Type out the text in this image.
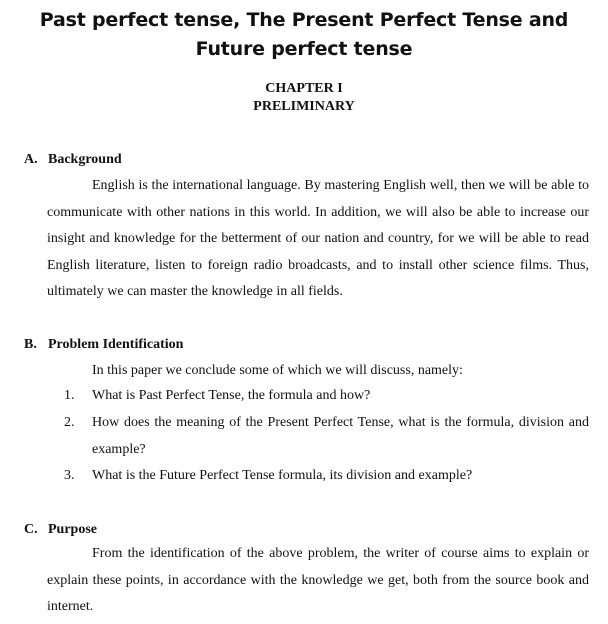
Past perfect tense, The Present Perfect Tense and Future perfect tense
CHAPTER I
PRELIMINARY
A. Background

English is the international language. By mastering English well, then we will be able to communicate with other nations in this world. In addition, we will also be able to increase our insight and knowledge for the betterment of our nation and country, for we will be able to read English literature, listen to foreign radio broadcasts, and to install other science films. Thus, ultimately we can master the knowledge in all fields.

B. Problem Identification

In this paper we conclude some of which we will discuss, namely:

1.	What is Past Perfect Tense, the formula and how?
2.	How does the meaning of the Present Perfect Tense, what is the formula, division and example?
3.	What is the Future Perfect Tense formula, its division and example?
C. Purpose

From the identification of the above problem, the writer of course aims to explain or explain these points, in accordance with the knowledge we get, both from the source book and internet.
